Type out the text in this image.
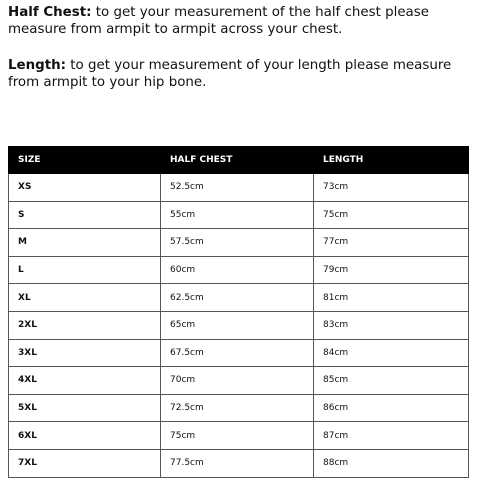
Half Chest: to get your measurement of the half chest please measure from armpit to armpit across your chest.

Length: to get your measurement of your length please measure from armpit to your hip bone.

SIZE	HALF CHEST	LENGTH
XS	52.5cm	73cm
S	55cm	75cm
M	57.5cm	77cm
L	60cm	79cm
XL	62.5cm	81cm
2XL	65cm	83cm
3XL	67.5cm	84cm
4XL	70cm	85cm
5XL	72.5cm	86cm
6XL	75cm	87cm
7XL	77.5cm	88cm
